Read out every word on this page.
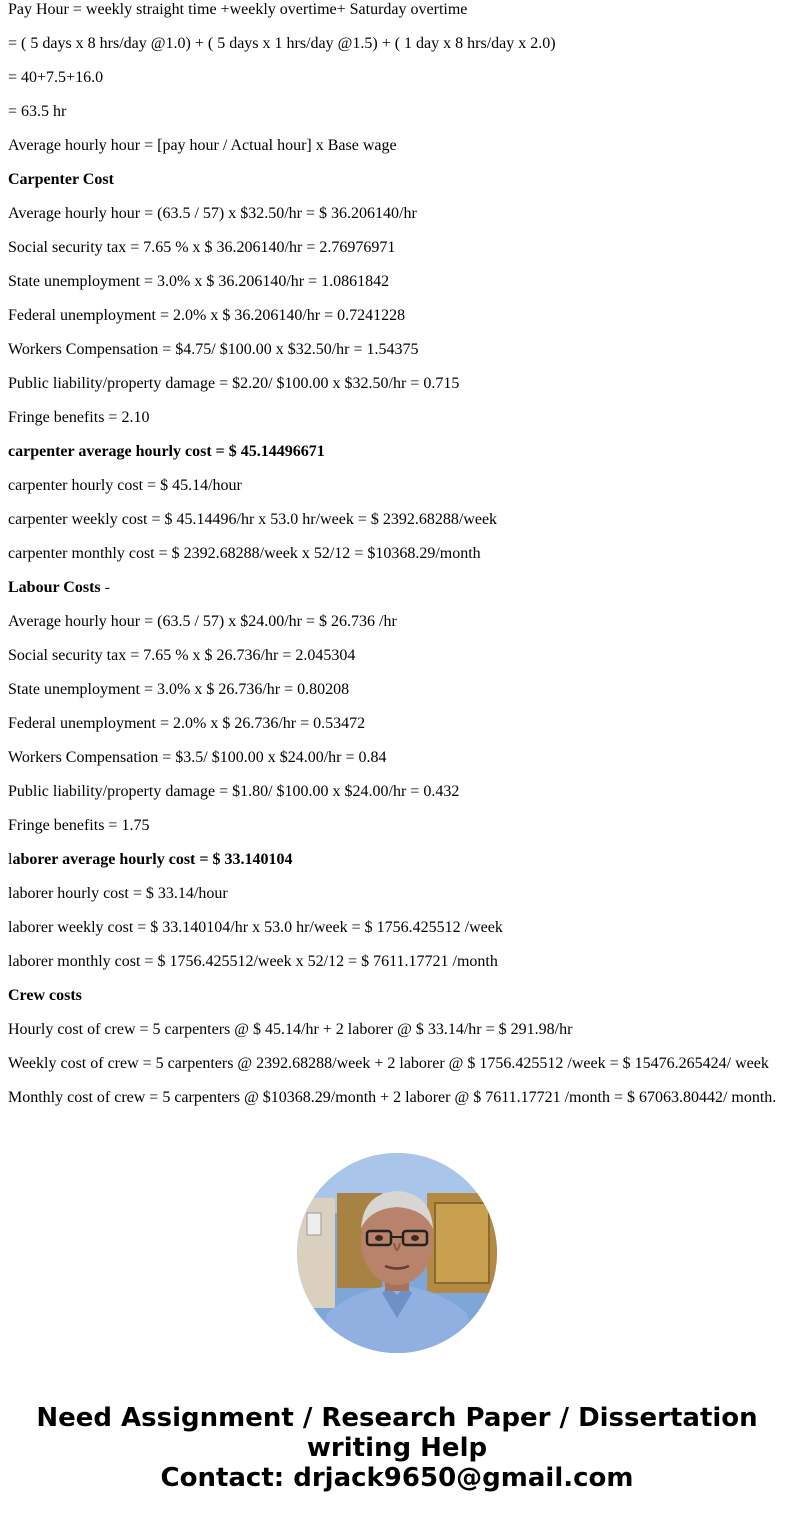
Pay Hour = weekly straight time +weekly overtime+ Saturday overtime

= ( 5 days x 8 hrs/day @1.0) + ( 5 days x 1 hrs/day @1.5) + ( 1 day x 8 hrs/day x 2.0)

= 40+7.5+16.0

= 63.5 hr

Average hourly hour = [pay hour / Actual hour] x Base wage

Carpenter Cost

Average hourly hour = (63.5 / 57) x $32.50/hr = $ 36.206140/hr

Social security tax = 7.65 % x $ 36.206140/hr = 2.76976971

State unemployment = 3.0% x $ 36.206140/hr = 1.0861842

Federal unemployment = 2.0% x $ 36.206140/hr = 0.7241228

Workers Compensation = $4.75/ $100.00 x $32.50/hr = 1.54375

Public liability/property damage = $2.20/ $100.00 x $32.50/hr = 0.715

Fringe benefits = 2.10

carpenter average hourly cost = $ 45.14496671

carpenter hourly cost = $ 45.14/hour

carpenter weekly cost = $ 45.14496/hr x 53.0 hr/week = $ 2392.68288/week

carpenter monthly cost = $ 2392.68288/week x 52/12 = $10368.29/month

Labour Costs -

Average hourly hour = (63.5 / 57) x $24.00/hr = $ 26.736 /hr

Social security tax = 7.65 % x $ 26.736/hr = 2.045304

State unemployment = 3.0% x $ 26.736/hr = 0.80208

Federal unemployment = 2.0% x $ 26.736/hr = 0.53472

Workers Compensation = $3.5/ $100.00 x $24.00/hr = 0.84

Public liability/property damage = $1.80/ $100.00 x $24.00/hr = 0.432

Fringe benefits = 1.75

laborer average hourly cost = $ 33.140104

laborer hourly cost = $ 33.14/hour

laborer weekly cost = $ 33.140104/hr x 53.0 hr/week = $ 1756.425512 /week

laborer monthly cost = $ 1756.425512/week x 52/12 = $ 7611.17721 /month

Crew costs

Hourly cost of crew = 5 carpenters @ $ 45.14/hr + 2 laborer @ $ 33.14/hr = $ 291.98/hr

Weekly cost of crew = 5 carpenters @ 2392.68288/week + 2 laborer @ $ 1756.425512 /week = $ 15476.265424/ week

Monthly cost of crew = 5 carpenters @ $10368.29/month + 2 laborer @ $ 7611.17721 /month = $ 67063.80442/ month.

Need Assignment / Research Paper / Dissertation
writing Help
Contact: drjack9650@gmail.com
